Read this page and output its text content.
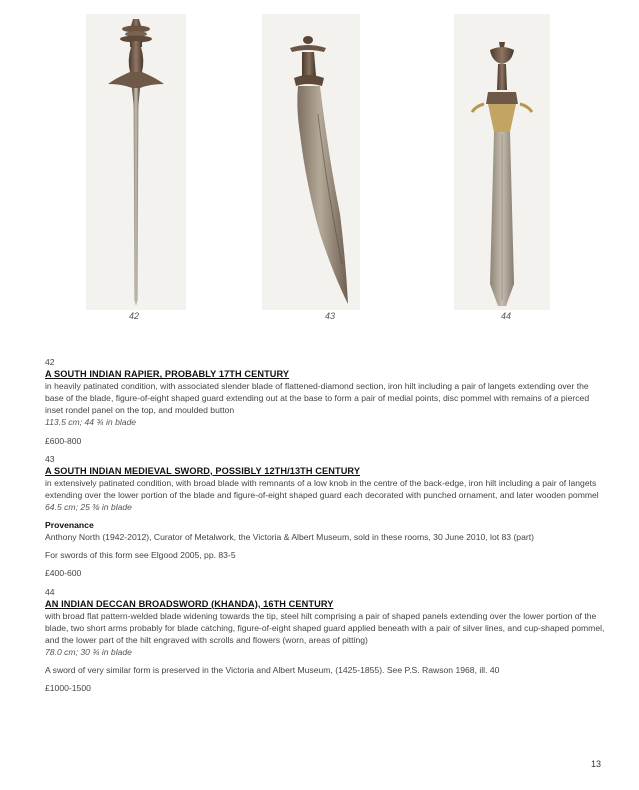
42	43	44
42
A SOUTH INDIAN RAPIER, PROBABLY 17TH CENTURY
in heavily patinated condition, with associated slender blade of flattened-diamond section, iron hilt including a pair of langets extending over the base of the blade, figure-of-eight shaped guard extending out at the base to form a pair of medial points, disc pommel with remains of a pierced inset rondel panel on the top, and moulded button
113.5 cm; 44 ¾ in blade
£600-800
43
A SOUTH INDIAN MEDIEVAL SWORD, POSSIBLY 12TH/13TH CENTURY
in extensively patinated condition, with broad blade with remnants of a low knob in the centre of the back-edge, iron hilt including a pair of langets extending over the lower portion of the blade and figure-of-eight shaped guard each decorated with punched ornament, and later wooden pommel
64.5 cm; 25 ⅜ in blade
Provenance
Anthony North (1942-2012), Curator of Metalwork, the Victoria & Albert Museum, sold in these rooms, 30 June 2010, lot 83 (part)
For swords of this form see Elgood 2005, pp. 83-5
£400-600
44
AN INDIAN DECCAN BROADSWORD (KHANDA), 16TH CENTURY
with broad flat pattern-welded blade widening towards the tip, steel hilt comprising a pair of shaped panels extending over the lower portion of the blade, two short arms probably for blade catching, figure-of-eight shaped guard applied beneath with a pair of silver lines, and cup-shaped pommel, and the lower part of the hilt engraved with scrolls and flowers (worn, areas of pitting)
78.0 cm; 30 ¾ in blade
A sword of very similar form is preserved in the Victoria and Albert Museum, (1425-1855). See P.S. Rawson 1968, ill. 40
£1000-1500
13
